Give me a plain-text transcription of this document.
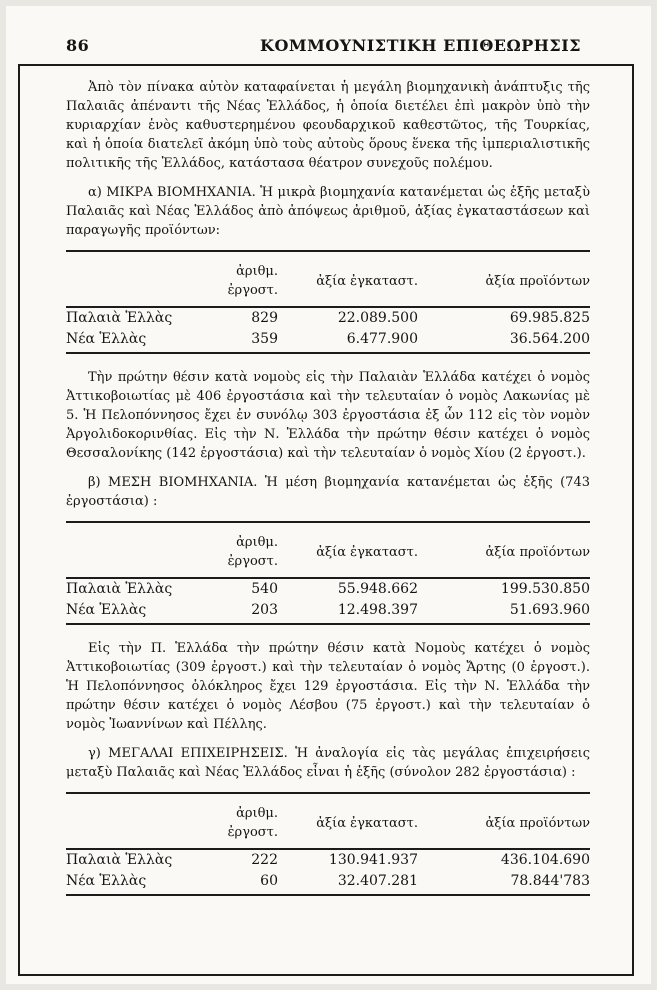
86	ΚΟΜΜΟΥΝΙΣΤΙΚΗ ΕΠΙΘΕΩΡΗΣΙΣ

Ἀπὸ τὸν πίνακα αὐτὸν καταφαίνεται ἡ μεγάλη βιομηχανικὴ ἀνάπτυξις τῆς Παλαιᾶς ἀπέναντι τῆς Νέας Ἑλλάδος, ἡ ὁποία διετέλει ἐπὶ μακρὸν ὑπὸ τὴν κυριαρχίαν ἑνὸς καθυστερημένου φεουδαρχικοῦ καθεστῶτος, τῆς Τουρκίας, καὶ ἡ ὁποία διατελεῖ ἀκόμη ὑπὸ τοὺς αὐτοὺς ὅρους ἕνεκα τῆς ἰμπεριαλιστικῆς πολιτικῆς τῆς Ἑλλάδος, κατάστασα θέατρον συνεχοῦς πολέμου.

α) ΜΙΚΡΑ ΒΙΟΜΗΧΑΝΙΑ. Ἡ μικρὰ βιομηχανία κατανέμεται ὡς ἑξῆς μεταξὺ Παλαιᾶς καὶ Νέας Ἑλλάδος ἀπὸ ἀπόψεως ἀριθμοῦ, ἀξίας ἐγκαταστάσεων καὶ παραγωγῆς προϊόντων:

	ἀριθμ. ἐργοστ.	ἀξία ἐγκαταστ.	ἀξία προϊόντων
Παλαιὰ Ἑλλὰς	829	22.089.500	69.985.825
Νέα Ἑλλὰς	359	6.477.900	36.564.200

Τὴν πρώτην θέσιν κατὰ νομοὺς εἰς τὴν Παλαιὰν Ἑλλάδα κατέχει ὁ νομὸς Ἀττικοβοιωτίας μὲ 406 ἐργοστάσια καὶ τὴν τελευταίαν ὁ νομὸς Λακωνίας μὲ 5. Ἡ Πελοπόννησος ἔχει ἐν συνόλῳ 303 ἐργοστάσια ἐξ ὧν 112 εἰς τὸν νομὸν Ἀργολιδοκορινθίας. Εἰς τὴν Ν. Ἑλλάδα τὴν πρώτην θέσιν κατέχει ὁ νομὸς Θεσσαλονίκης (142 ἐργοστάσια) καὶ τὴν τελευταίαν ὁ νομὸς Χίου (2 ἐργοστ.).

β) ΜΕΣΗ ΒΙΟΜΗΧΑΝΙΑ. Ἡ μέση βιομηχανία κατανέμεται ὡς ἑξῆς (743 ἐργοστάσια) :

	ἀριθμ. ἐργοστ.	ἀξία ἐγκαταστ.	ἀξία προϊόντων
Παλαιὰ Ἑλλὰς	540	55.948.662	199.530.850
Νέα Ἑλλὰς	203	12.498.397	51.693.960

Εἰς τὴν Π. Ἑλλάδα τὴν πρώτην θέσιν κατὰ Νομοὺς κατέχει ὁ νομὸς Ἀττικοβοιωτίας (309 ἐργοστ.) καὶ τὴν τελευταίαν ὁ νομὸς Ἄρτης (0 ἐργοστ.). Ἡ Πελοπόννησος ὁλόκληρος ἔχει 129 ἐργοστάσια. Εἰς τὴν Ν. Ἑλλάδα τὴν πρώτην θέσιν κατέχει ὁ νομὸς Λέσβου (75 ἐργοστ.) καὶ τὴν τελευταίαν ὁ νομὸς Ἰωαννίνων καὶ Πέλλης.

γ) ΜΕΓΑΛΑΙ ΕΠΙΧΕΙΡΗΣΕΙΣ. Ἡ ἀναλογία εἰς τὰς μεγάλας ἐπιχειρήσεις μεταξὺ Παλαιᾶς καὶ Νέας Ἑλλάδος εἶναι ἡ ἑξῆς (σύνολον 282 ἐργοστάσια) :

	ἀριθμ. ἐργοστ.	ἀξία ἐγκαταστ.	ἀξία προϊόντων
Παλαιὰ Ἑλλὰς	222	130.941.937	436.104.690
Νέα Ἑλλὰς	60	32.407.281	78.844'783
